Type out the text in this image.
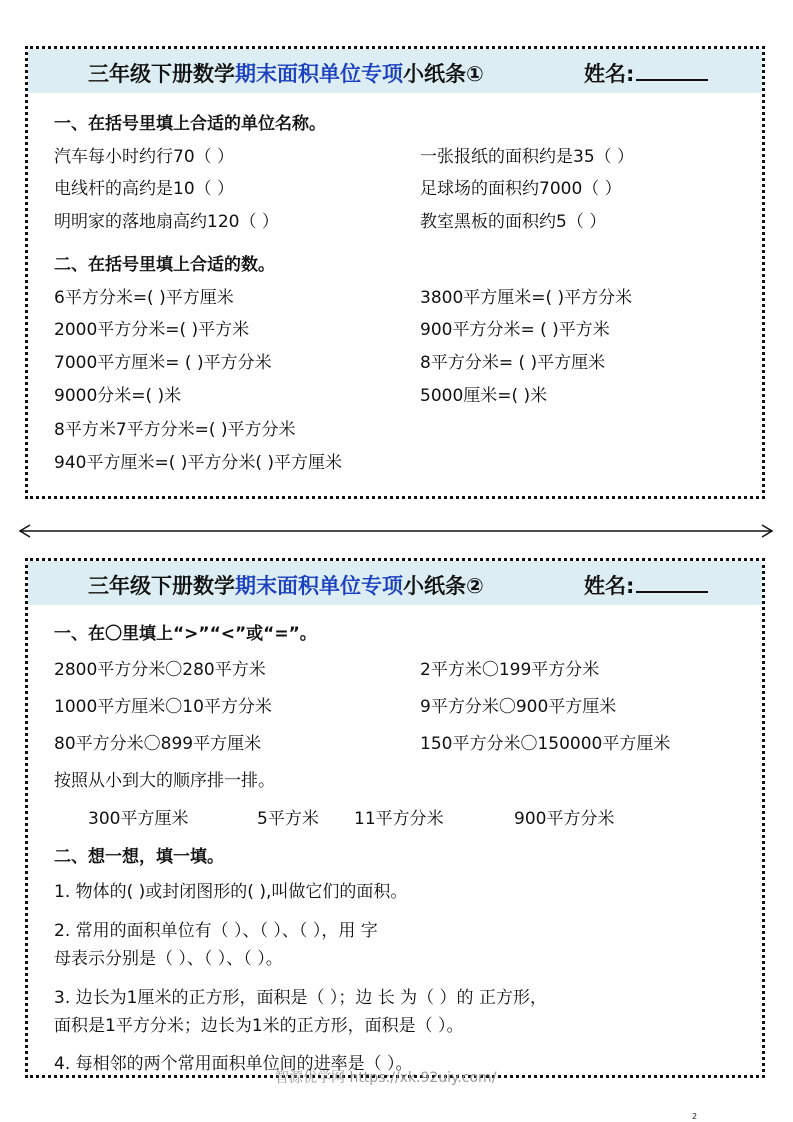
三年级下册数学期末面积单位专项小纸条①	姓名:
一、在括号里填上合适的单位名称。
汽车每小时约行70（ ）	一张报纸的面积约是35（ ）
电线杆的高约是10（ ）	足球场的面积约7000（ ）
明明家的落地扇高约120（ ）	教室黑板的面积约5（ ）
二、在括号里填上合适的数。
6平方分米=( )平方厘米	3800平方厘米=( )平方分米
2000平方分米=( )平方米	900平方分米= ( )平方米
7000平方厘米= ( )平方分米	8平方分米= ( )平方厘米
9000分米=( )米	5000厘米=( )米
8平方米7平方分米=( )平方分米
940平方厘米=( )平方分米( )平方厘米
三年级下册数学期末面积单位专项小纸条②	姓名:
一、在〇里填上“>”“<”或“=”。
2800平方分米〇280平方米	2平方米〇199平方分米
1000平方厘米〇10平方分米	9平方分米〇900平方厘米
80平方分米〇899平方厘米	150平方分米〇150000平方厘米
按照从小到大的顺序排一排。
300平方厘米	5平方米 11平方分米	900平方分米
二、想一想，填一填。
1. 物体的( )或封闭图形的( ),叫做它们的面积。
2. 常用的面积单位有（ ）、（ ）、（ ），用 字
母表示分别是（ ）、（ ）、（ ）。
3. 边长为1厘米的正方形，面积是（ ）；边 长 为（ ）的 正方形，
面积是1平方分米；边长为1米的正方形，面积是（ ）。
4. 每相邻的两个常用面积单位间的进率是（ ）。
智源优学网 https://xk.92uiy.com/
2
